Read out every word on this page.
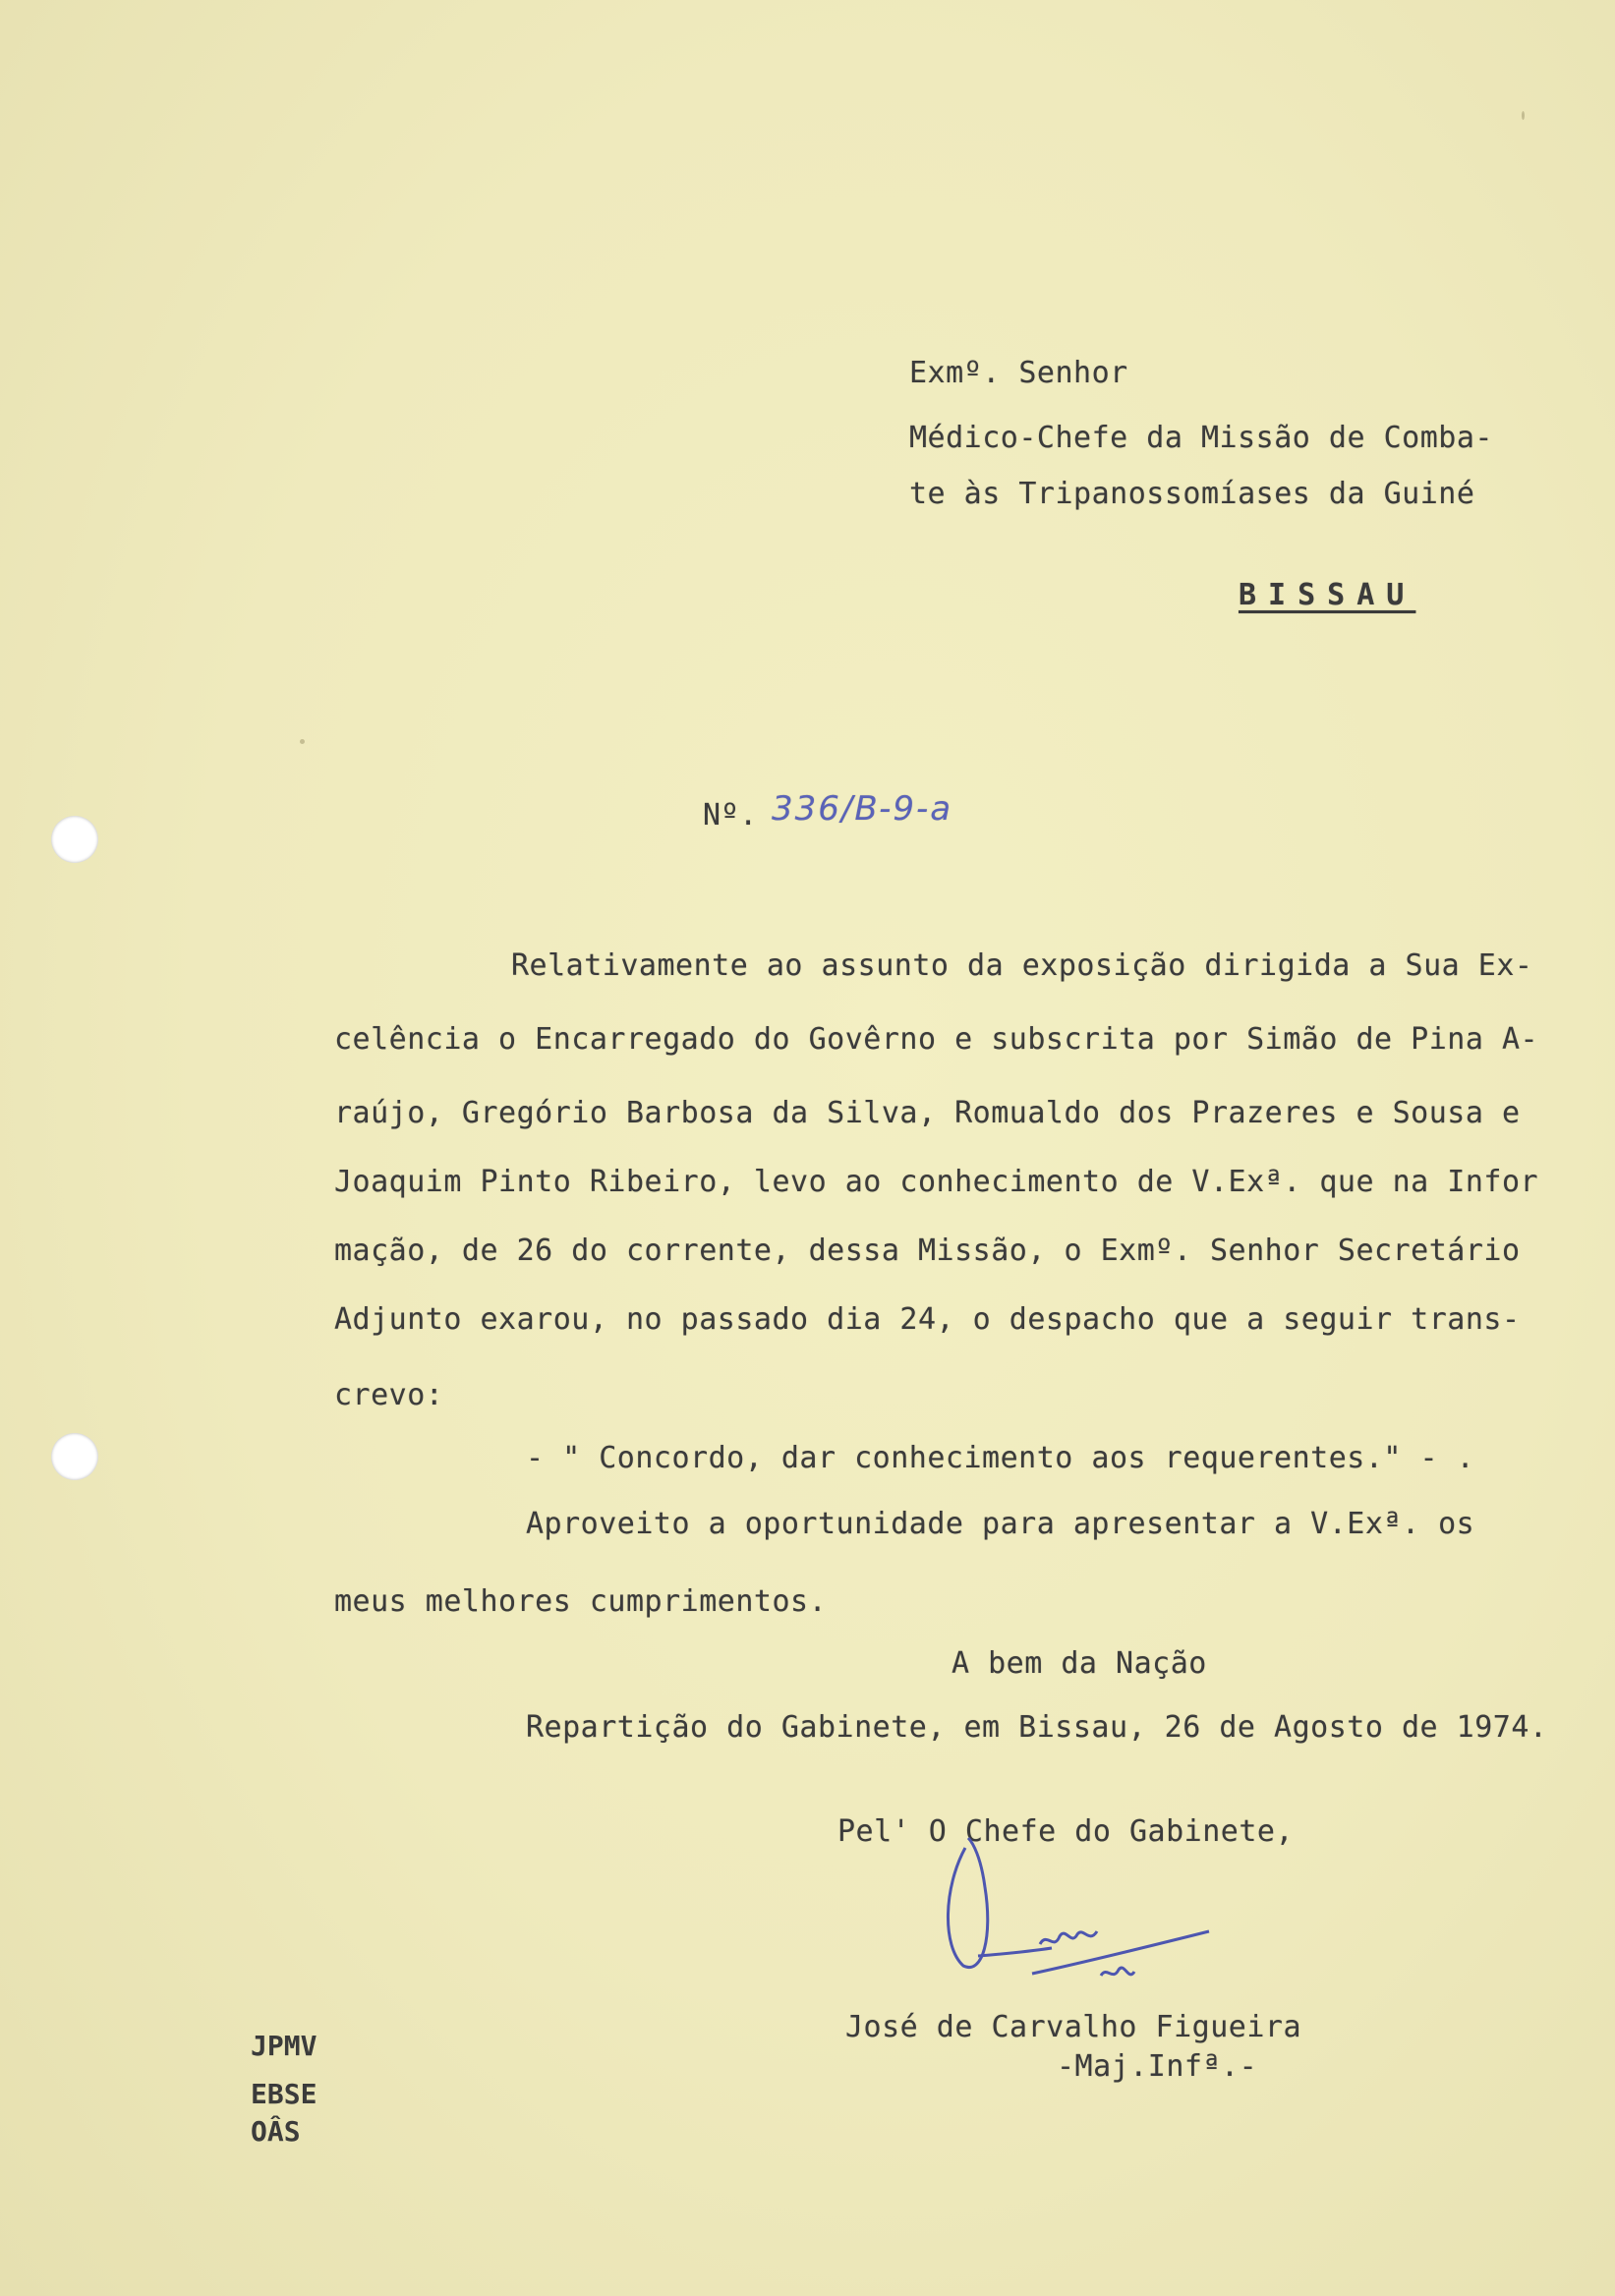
Exmº. Senhor
Médico-Chefe da Missão de Comba-
te às Tripanossomíases da Guiné
BISSAU
Nº. 336/B-9-a
Relativamente ao assunto da exposição dirigida a Sua Ex-
celência o Encarregado do Govêrno e subscrita por Simão de Pina A-
raújo, Gregório Barbosa da Silva, Romualdo dos Prazeres e Sousa e
Joaquim Pinto Ribeiro, levo ao conhecimento de V.Exª. que na Infor
mação, de 26 do corrente, dessa Missão, o Exmº. Senhor Secretário
Adjunto exarou, no passado dia 24, o despacho que a seguir trans-
crevo:
- " Concordo, dar conhecimento aos requerentes." - .
Aproveito a oportunidade para apresentar a V.Exª. os
meus melhores cumprimentos.
A bem da Nação
Repartição do Gabinete, em Bissau, 26 de Agosto de 1974.
Pel' O Chefe do Gabinete,
José de Carvalho Figueira
-Maj.Infª.-
JPMV
EBSE
OÂS
